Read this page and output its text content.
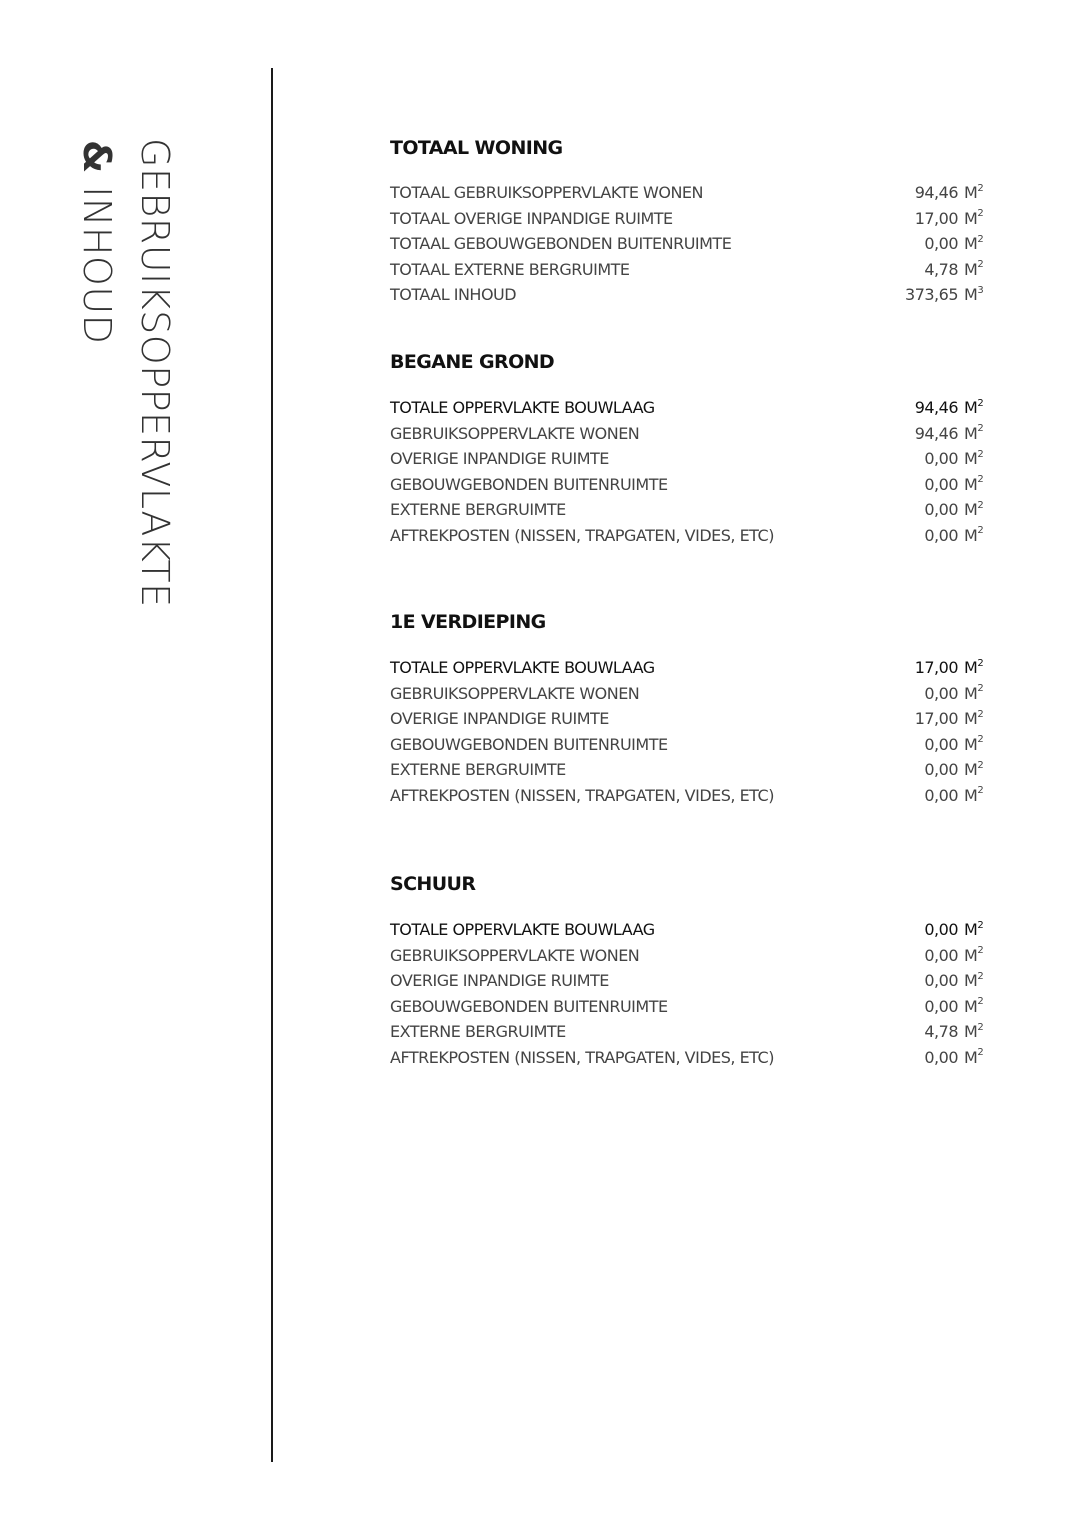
GEBRUIKSOPPERVLAKTE
& INHOUD
TOTAAL WONING
TOTAAL GEBRUIKSOPPERVLAKTE WONEN	94,46 $M^2$
TOTAAL OVERIGE INPANDIGE RUIMTE	17,00 $M^2$
TOTAAL GEBOUWGEBONDEN BUITENRUIMTE	0,00 $M^2$
TOTAAL EXTERNE BERGRUIMTE	4,78 $M^2$
TOTAAL INHOUD	373,65 $M^3$
BEGANE GROND
TOTALE OPPERVLAKTE BOUWLAAG	94,46 $M^2$
GEBRUIKSOPPERVLAKTE WONEN	94,46 $M^2$
OVERIGE INPANDIGE RUIMTE	0,00 $M^2$
GEBOUWGEBONDEN BUITENRUIMTE	0,00 $M^2$
EXTERNE BERGRUIMTE	0,00 $M^2$
AFTREKPOSTEN (NISSEN, TRAPGATEN, VIDES, ETC)	0,00 $M^2$
1E VERDIEPING
TOTALE OPPERVLAKTE BOUWLAAG	17,00 $M^2$
GEBRUIKSOPPERVLAKTE WONEN	0,00 $M^2$
OVERIGE INPANDIGE RUIMTE	17,00 $M^2$
GEBOUWGEBONDEN BUITENRUIMTE	0,00 $M^2$
EXTERNE BERGRUIMTE	0,00 $M^2$
AFTREKPOSTEN (NISSEN, TRAPGATEN, VIDES, ETC)	0,00 $M^2$
SCHUUR
TOTALE OPPERVLAKTE BOUWLAAG	0,00 $M^2$
GEBRUIKSOPPERVLAKTE WONEN	0,00 $M^2$
OVERIGE INPANDIGE RUIMTE	0,00 $M^2$
GEBOUWGEBONDEN BUITENRUIMTE	0,00 $M^2$
EXTERNE BERGRUIMTE	4,78 $M^2$
AFTREKPOSTEN (NISSEN, TRAPGATEN, VIDES, ETC)	0,00 $M^2$
